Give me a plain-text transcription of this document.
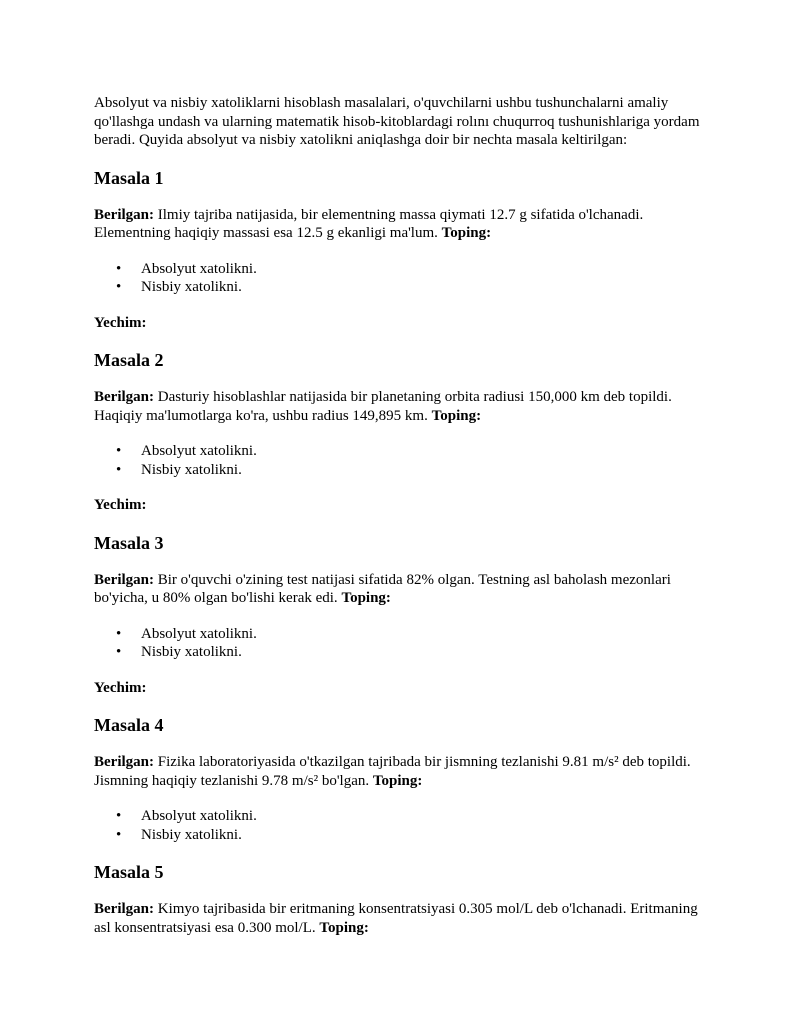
Absolyut va nisbiy xatoliklarni hisoblash masalalari, o'quvchilarni ushbu tushunchalarni amaliy qo'llashga undash va ularning matematik hisob-kitoblardagi rolını chuqurroq tushunishlariga yordam beradi. Quyida absolyut va nisbiy xatolikni aniqlashga doir bir nechta masala keltirilgan:

Masala 1

Berilgan: Ilmiy tajriba natijasida, bir elementning massa qiymati 12.7 g sifatida o'lchanadi. Elementning haqiqiy massasi esa 12.5 g ekanligi ma'lum. Toping:

• Absolyut xatolikni.
• Nisbiy xatolikni.

Yechim:

Masala 2

Berilgan: Dasturiy hisoblashlar natijasida bir planetaning orbita radiusi 150,000 km deb topildi. Haqiqiy ma'lumotlarga ko'ra, ushbu radius 149,895 km. Toping:

• Absolyut xatolikni.
• Nisbiy xatolikni.

Yechim:

Masala 3

Berilgan: Bir o'quvchi o'zining test natijasi sifatida 82% olgan. Testning asl baholash mezonlari bo'yicha, u 80% olgan bo'lishi kerak edi. Toping:

• Absolyut xatolikni.
• Nisbiy xatolikni.

Yechim:

Masala 4

Berilgan: Fizika laboratoriyasida o'tkazilgan tajribada bir jismning tezlanishi 9.81 m/s² deb topildi. Jismning haqiqiy tezlanishi 9.78 m/s² bo'lgan. Toping:

• Absolyut xatolikni.
• Nisbiy xatolikni.
Masala 5

Berilgan: Kimyo tajribasida bir eritmaning konsentratsiyasi 0.305 mol/L deb o'lchanadi. Eritmaning asl konsentratsiyasi esa 0.300 mol/L. Toping:
